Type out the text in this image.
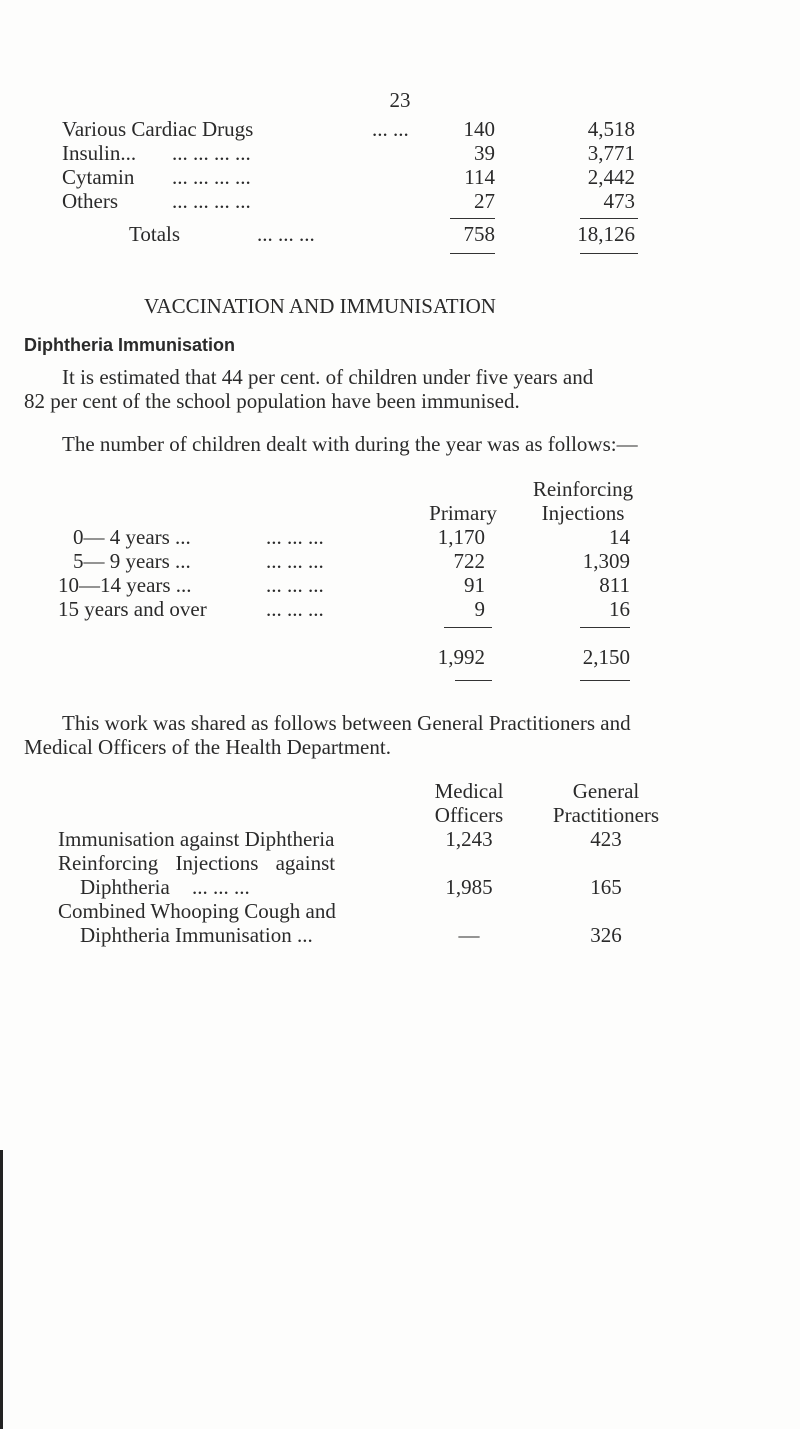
23
Various Cardiac Drugs	... ...	140	4,518
Insulin... ... ... ... ...	39	3,771
Cytamin ... ... ... ...	114	2,442
Others	... ... ... ...	27	473
Totals	... ... ...	758	18,126
VACCINATION AND IMMUNISATION
Diphtheria Immunisation
It is estimated that 44 per cent. of children under five years and
82 per cent of the school population have been immunised.
The number of children dealt with during the year was as follows:—
Reinforcing
Primary	Injections
0— 4 years ...	... ... ...	1,170	14
5— 9 years ...	... ... ...	722	1,309
10—14 years ...	... ... ...	91	811
15 years and over	... ... ...	9	16
1,992	2,150
This work was shared as follows between General Practitioners and
Medical Officers of the Health Department.
Medical	General
Officers	Practitioners
Immunisation against Diphtheria	1,243	423
Reinforcing Injections against
Diphtheria ... ... ...	1,985	165
Combined Whooping Cough and
Diphtheria Immunisation ...	—	326
